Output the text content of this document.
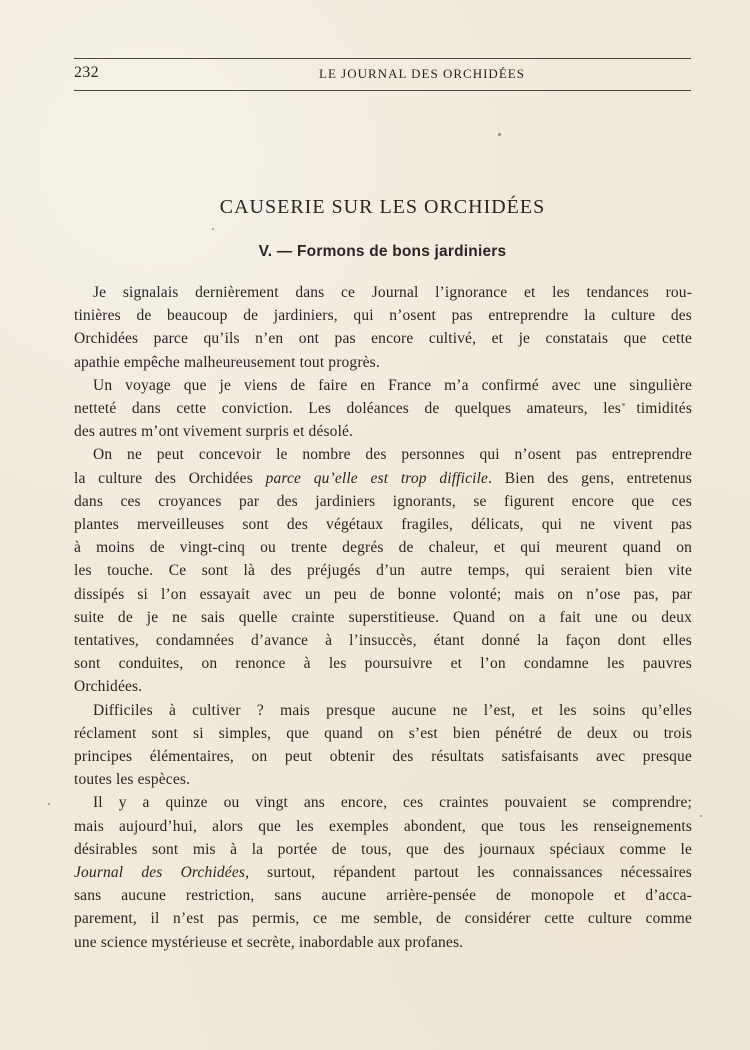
232	LE JOURNAL DES ORCHIDÉES
CAUSERIE SUR LES ORCHIDÉES
V. — Formons de bons jardiniers

Je signalais dernièrement dans ce Journal l’ignorance et les tendances rou-
tinières de beaucoup de jardiniers, qui n’osent pas entreprendre la culture des
Orchidées parce qu’ils n’en ont pas encore cultivé, et je constatais que cette
apathie empêche malheureusement tout progrès.

Un voyage que je viens de faire en France m’a confirmé avec une singulière
netteté dans cette conviction. Les doléances de quelques amateurs, les timidités
des autres m’ont vivement surpris et désolé.

On ne peut concevoir le nombre des personnes qui n’osent pas entreprendre
la culture des Orchidées parce qu’elle est trop difficile. Bien des gens, entretenus
dans ces croyances par des jardiniers ignorants, se figurent encore que ces
plantes merveilleuses sont des végétaux fragiles, délicats, qui ne vivent pas
à moins de vingt-cinq ou trente degrés de chaleur, et qui meurent quand on
les touche. Ce sont là des préjugés d’un autre temps, qui seraient bien vite
dissipés si l’on essayait avec un peu de bonne volonté; mais on n’ose pas, par
suite de je ne sais quelle crainte superstitieuse. Quand on a fait une ou deux
tentatives, condamnées d’avance à l’insuccès, étant donné la façon dont elles
sont conduites, on renonce à les poursuivre et l’on condamne les pauvres
Orchidées.

Difficiles à cultiver ? mais presque aucune ne l’est, et les soins qu’elles
réclament sont si simples, que quand on s’est bien pénétré de deux ou trois
principes élémentaires, on peut obtenir des résultats satisfaisants avec presque
toutes les espèces.

Il y a quinze ou vingt ans encore, ces craintes pouvaient se comprendre;
mais aujourd’hui, alors que les exemples abondent, que tous les renseignements
désirables sont mis à la portée de tous, que des journaux spéciaux comme le
Journal des Orchidées, surtout, répandent partout les connaissances nécessaires
sans aucune restriction, sans aucune arrière-pensée de monopole et d’acca-
parement, il n’est pas permis, ce me semble, de considérer cette culture comme
une science mystérieuse et secrète, inabordable aux profanes.
